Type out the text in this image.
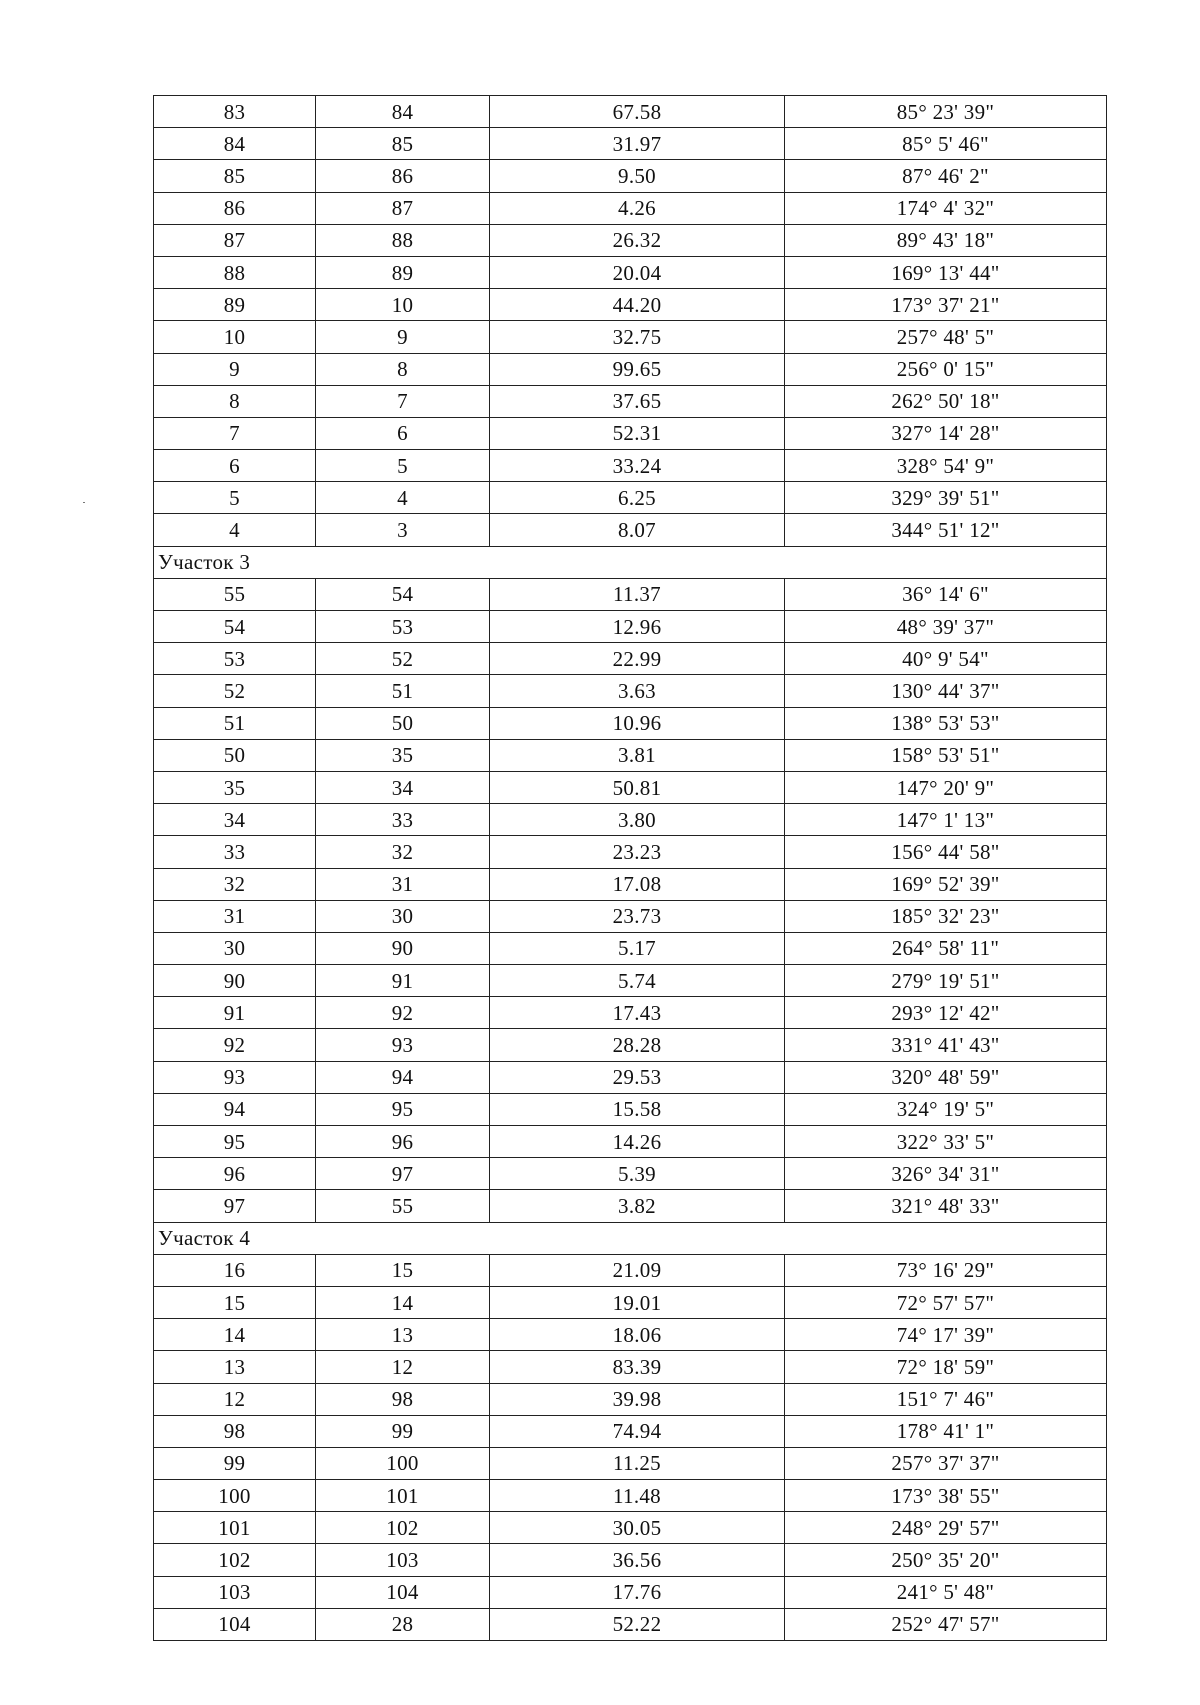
83	84	67.58	85° 23' 39"
84	85	31.97	85° 5' 46"
85	86	9.50	87° 46' 2"
86	87	4.26	174° 4' 32"
87	88	26.32	89° 43' 18"
88	89	20.04	169° 13' 44"
89	10	44.20	173° 37' 21"
10	9	32.75	257° 48' 5"
9	8	99.65	256° 0' 15"
8	7	37.65	262° 50' 18"
7	6	52.31	327° 14' 28"
6	5	33.24	328° 54' 9"
5	4	6.25	329° 39' 51"
4	3	8.07	344° 51' 12"
Участок 3			
55	54	11.37	36° 14' 6"
54	53	12.96	48° 39' 37"
53	52	22.99	40° 9' 54"
52	51	3.63	130° 44' 37"
51	50	10.96	138° 53' 53"
50	35	3.81	158° 53' 51"
35	34	50.81	147° 20' 9"
34	33	3.80	147° 1' 13"
33	32	23.23	156° 44' 58"
32	31	17.08	169° 52' 39"
31	30	23.73	185° 32' 23"
30	90	5.17	264° 58' 11"
90	91	5.74	279° 19' 51"
91	92	17.43	293° 12' 42"
92	93	28.28	331° 41' 43"
93	94	29.53	320° 48' 59"
94	95	15.58	324° 19' 5"
95	96	14.26	322° 33' 5"
96	97	5.39	326° 34' 31"
97	55	3.82	321° 48' 33"
Участок 4			
16	15	21.09	73° 16' 29"
15	14	19.01	72° 57' 57"
14	13	18.06	74° 17' 39"
13	12	83.39	72° 18' 59"
12	98	39.98	151° 7' 46"
98	99	74.94	178° 41' 1"
99	100	11.25	257° 37' 37"
100	101	11.48	173° 38' 55"
101	102	30.05	248° 29' 57"
102	103	36.56	250° 35' 20"
103	104	17.76	241° 5' 48"
104	28	52.22	252° 47' 57"
